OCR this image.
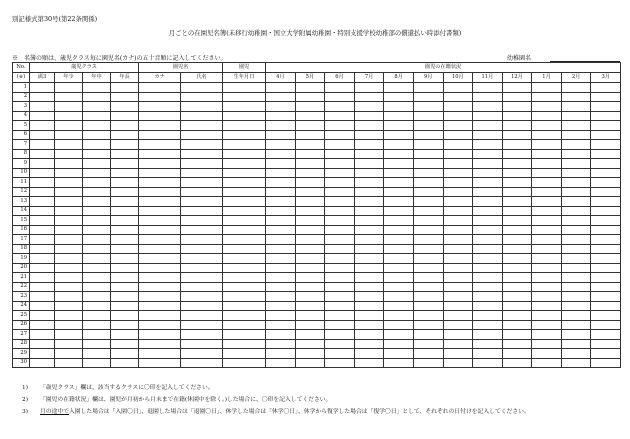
別記様式第30号(第22条関係)
月ごとの在園児名簿(未移行幼稚園・国立大学附属幼稚園・特別支援学校幼稚部の償還払い時添付書類)
※　名簿の順は、歳児クラス毎に園児名(カナ)の五十音順に記入してください。	幼稚園名
No.	歳児クラス				園児名		園児	園児の在籍状況											
(※)	満3	年少	年中	年長	カナ	氏名	生年月日	4月	5月	6月	7月	8月	9月	10月	11月	12月	1月	2月	3月
1																			
2																			
3																			
4																			
5																			
6																			
7																			
8																			
9																			
10																			
11																			
12																			
13																			
14																			
15																			
16																			
17																			
18																			
19																			
20																			
21																			
22																			
23																			
24																			
25																			
26																			
27																			
28																			
29																			
30																			
1) 「歳児クラス」欄は、該当するクラスに〇印を記入してください。
2) 「園児の在籍状況」欄は、園児が月初から月末まで在籍(休園中を除く。)した場合に、〇印を記入してください。
3) 月の途中で入園した場合は「入園〇日」、退園した場合は「退園〇日」、休学した場合は「休学〇日」、休学から復学した場合は「復学〇日」として、それぞれの日付けを記入してください。
